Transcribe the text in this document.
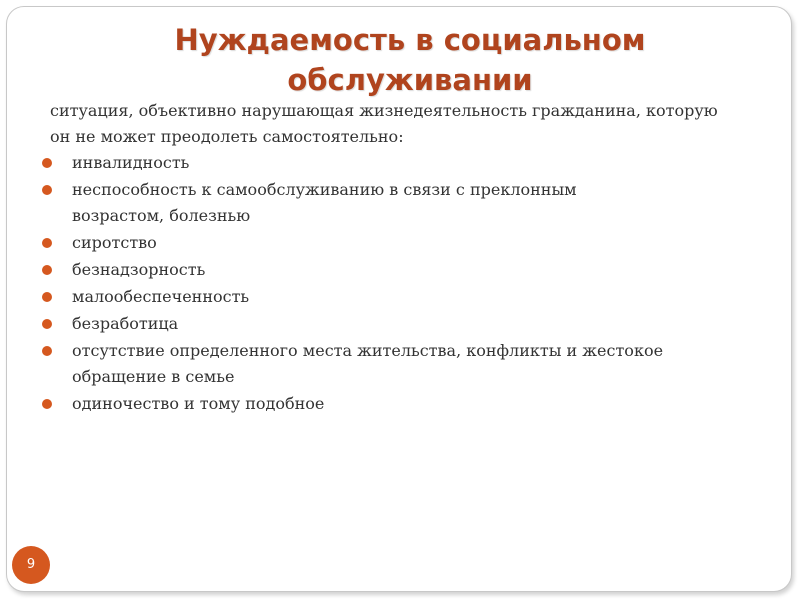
Нуждаемость в социальном обслуживании

ситуация, объективно нарушающая жизнедеятельность гражданина, которую он не может преодолеть самостоятельно:

инвалидность
неспособность к самообслуживанию в связи с преклонным возрастом, болезнью
сиротство
безнадзорность
малообеспеченность
безработица
отсутствие определенного места жительства, конфликты и жестокое обращение в семье
одиночество и тому подобное
9
